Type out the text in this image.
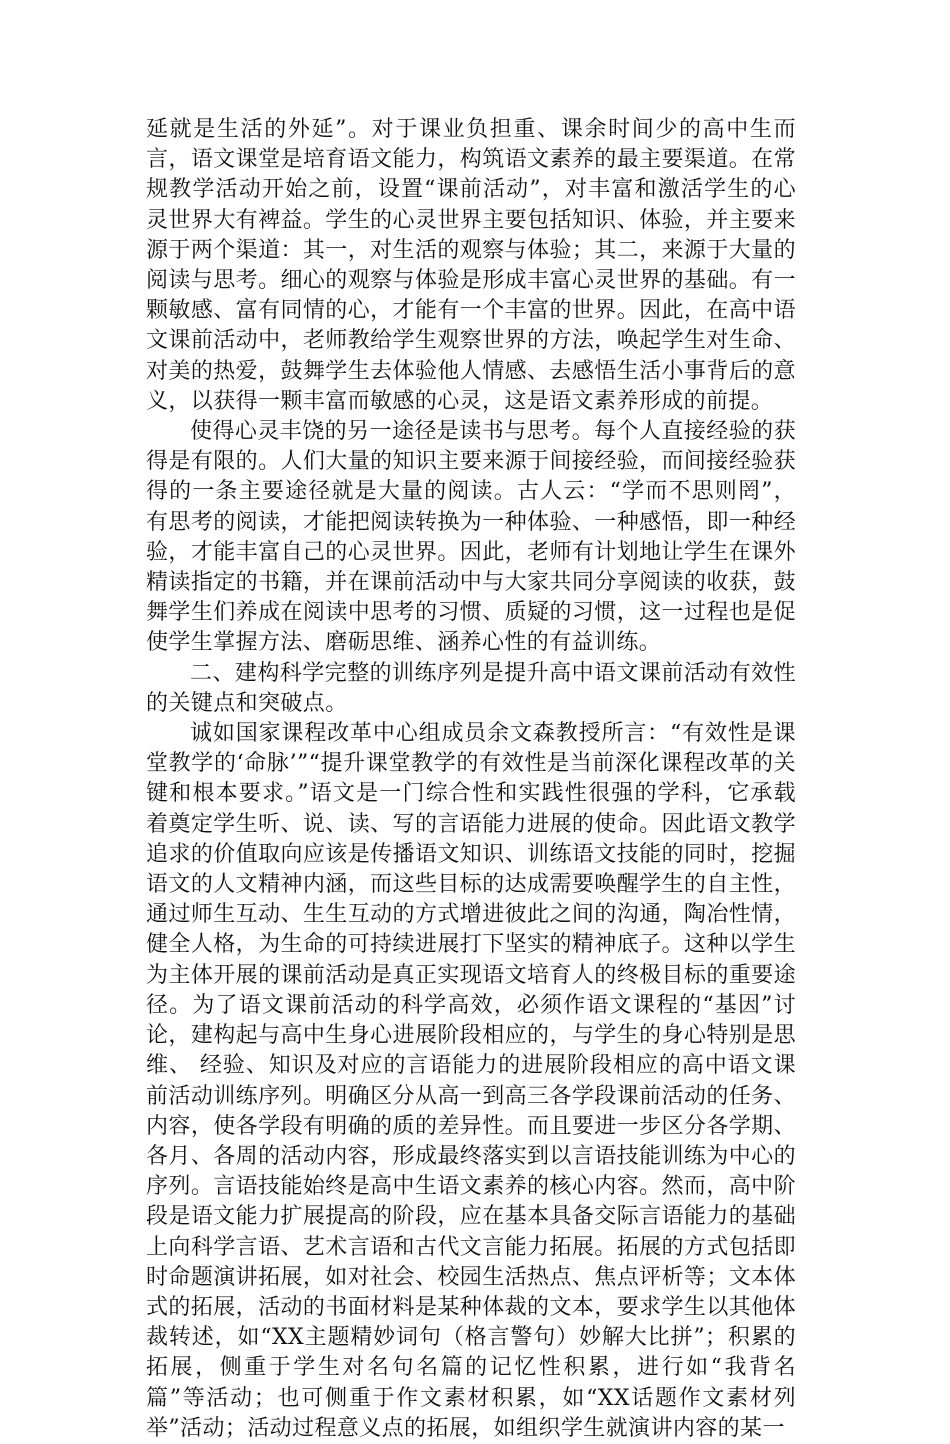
延就是生活的外延”。对于课业负担重、课余时间少的高中生而言，语文课堂是培育语文能力，构筑语文素养的最主要渠道。在常规教学活动开始之前，设置“课前活动”，对丰富和激活学生的心灵世界大有裨益。学生的心灵世界主要包括知识、体验，并主要来源于两个渠道：其一，对生活的观察与体验；其二，来源于大量的阅读与思考。细心的观察与体验是形成丰富心灵世界的基础。有一颗敏感、富有同情的心，才能有一个丰富的世界。因此，在高中语文课前活动中，老师教给学生观察世界的方法，唤起学生对生命、对美的热爱，鼓舞学生去体验他人情感、去感悟生活小事背后的意义，以获得一颗丰富而敏感的心灵，这是语文素养形成的前提。

使得心灵丰饶的另一途径是读书与思考。每个人直接经验的获得是有限的。人们大量的知识主要来源于间接经验，而间接经验获得的一条主要途径就是大量的阅读。古人云：“学而不思则罔”，有思考的阅读，才能把阅读转换为一种体验、一种感悟，即一种经验，才能丰富自己的心灵世界。因此，老师有计划地让学生在课外精读指定的书籍，并在课前活动中与大家共同分享阅读的收获，鼓舞学生们养成在阅读中思考的习惯、质疑的习惯，这一过程也是促使学生掌握方法、磨砺思维、涵养心性的有益训练。

二、建构科学完整的训练序列是提升高中语文课前活动有效性的关键点和突破点。

诚如国家课程改革中心组成员余文森教授所言：“有效性是课堂教学的‘命脉’”“提升课堂教学的有效性是当前深化课程改革的关键和根本要求。”语文是一门综合性和实践性很强的学科，它承载着奠定学生听、说、读、写的言语能力进展的使命。因此语文教学追求的价值取向应该是传播语文知识、训练语文技能的同时，挖掘语文的人文精神内涵，而这些目标的达成需要唤醒学生的自主性，通过师生互动、生生互动的方式增进彼此之间的沟通，陶冶性情，健全人格，为生命的可持续进展打下坚实的精神底子。这种以学生为主体开展的课前活动是真正实现语文培育人的终极目标的重要途径。为了语文课前活动的科学高效，必须作语文课程的“基因”讨论，建构起与高中生身心进展阶段相应的，与学生的身心特别是思维、 经验、知识及对应的言语能力的进展阶段相应的高中语文课前活动训练序列。明确区分从高一到高三各学段课前活动的任务、内容，使各学段有明确的质的差异性。而且要进一步区分各学期、各月、各周的活动内容，形成最终落实到以言语技能训练为中心的序列。言语技能始终是高中生语文素养的核心内容。然而，高中阶段是语文能力扩展提高的阶段，应在基本具备交际言语能力的基础上向科学言语、艺术言语和古代文言能力拓展。拓展的方式包括即时命题演讲拓展，如对社会、校园生活热点、焦点评析等；文本体式的拓展，活动的书面材料是某种体裁的文本，要求学生以其他体裁转述，如“XX主题精妙词句（格言警句）妙解大比拼”；积累的拓展，侧重于学生对名句名篇的记忆性积累，进行如“我背名篇”等活动；也可侧重于作文素材积累，如“XX话题作文素材列举”活动；活动过程意义点的拓展，如组织学生就演讲内容的某一
